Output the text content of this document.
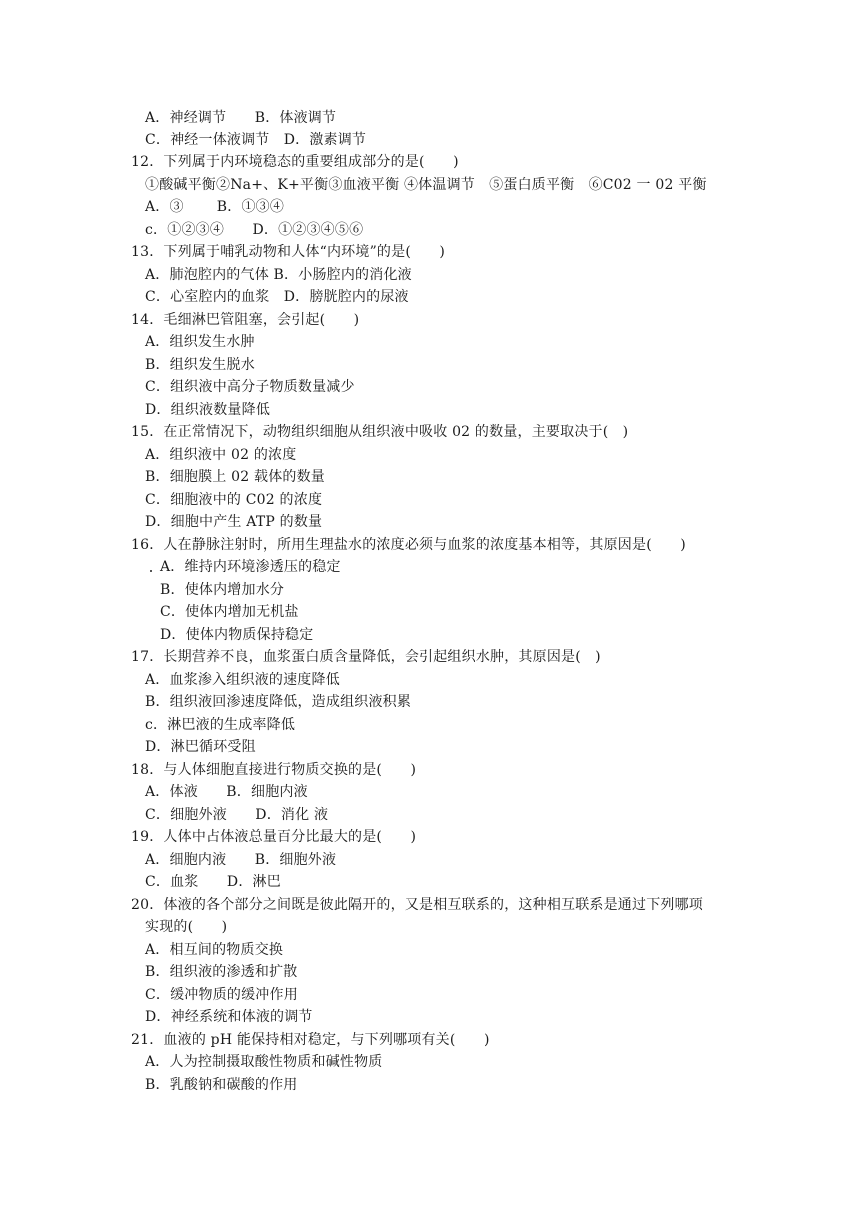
A．神经调节　　B．体液调节
C．神经一体液调节　D．激素调节
12．下列属于内环境稳态的重要组成部分的是(　　)
①酸碱平衡②Na+、K+平衡③血液平衡 ④体温调节　⑤蛋白质平衡　⑥C02 一 02 平衡
A．③　　 B．①③④
c．①②③④　　D．①②③④⑤⑥
13．下列属于哺乳动物和人体“内环境”的是(　　)
A．肺泡腔内的气体 B．小肠腔内的消化液
C．心室腔内的血浆　D．膀胱腔内的尿液
14．毛细淋巴管阻塞，会引起(　　)
A．组织发生水肿
B．组织发生脱水
C．组织液中高分子物质数量减少
D．组织液数量降低
15．在正常情况下，动物组织细胞从组织液中吸收 02 的数量，主要取决于(　)
A．组织液中 02 的浓度
B．细胞膜上 02 载体的数量
C．细胞液中的 C02 的浓度
D．细胞中产生 ATP 的数量
16．人在静脉注射时，所用生理盐水的浓度必须与血浆的浓度基本相等，其原因是(　　)
A．维持内环境渗透压的稳定
B．使体内增加水分
C．使体内增加无机盐
D．使体内物质保持稳定
17．长期营养不良，血浆蛋白质含量降低，会引起组织水肿，其原因是(　)
A．血浆渗入组织液的速度降低
B．组织液回渗速度降低，造成组织液积累
c．淋巴液的生成率降低
D．淋巴循环受阻
18．与人体细胞直接进行物质交换的是(　　)
A．体液　　B．细胞内液
C．细胞外液　　D．消化 液
19．人体中占体液总量百分比最大的是(　　)
A．细胞内液　　B．细胞外液
C．血浆　　D．淋巴
20．体液的各个部分之间既是彼此隔开的，又是相互联系的，这种相互联系是通过下列哪项
实现的(　　)
A．相互间的物质交换
B．组织液的渗透和扩散
C．缓冲物质的缓冲作用
D．神经系统和体液的调节
21．血液的 pH 能保持相对稳定，与下列哪项有关(　　)
A．人为控制摄取酸性物质和碱性物质
B．乳酸钠和碳酸的作用
